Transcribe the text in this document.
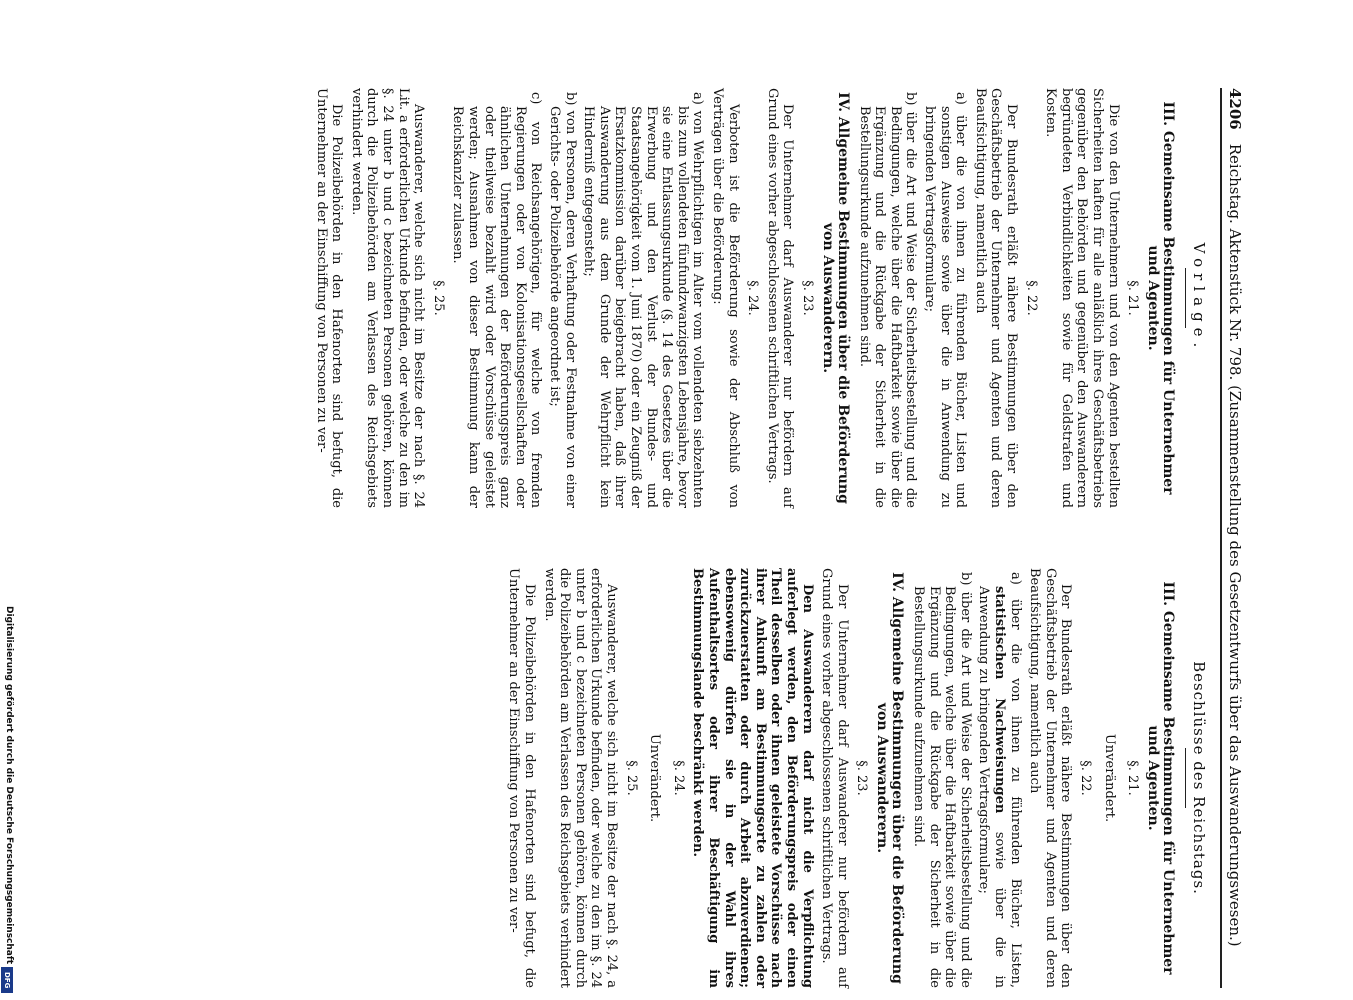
4206
Reichstag. Aktenstück Nr. 798. (Zusammenstellung des Gesetzentwurfs über das Auswanderungswesen.)
Vorlage.
III. Gemeinsame Bestimmungen für Unternehmer und Agenten.
§. 21.

Die von den Unternehmern und von den Agenten bestellten Sicherheiten haften für alle anläßlich ihres Geschäftsbetriebs gegenüber den Behörden und gegenüber den Auswanderern begründeten Verbindlichkeiten sowie für Geldstrafen und Kosten.

§. 22.

Der Bundesrath erläßt nähere Bestimmungen über den Geschäftsbetrieb der Unternehmer und Agenten und deren Beaufsichtigung, namentlich auch

a) über die von ihnen zu führenden Bücher, Listen und sonstigen Ausweise sowie über die in Anwendung zu bringenden Vertragsformulare;
b) über die Art und Weise der Sicherheitsbestellung und die Bedingungen, welche über die Haftbarkeit sowie über die Ergänzung und die Rückgabe der Sicherheit in die Bestellungsurkunde aufzunehmen sind.
IV. Allgemeine Bestimmungen über die Beförderung von Auswanderern.
§. 23.

Der Unternehmer darf Auswanderer nur befördern auf Grund eines vorher abgeschlossenen schriftlichen Vertrags.

§. 24.

Verboten ist die Beförderung sowie der Abschluß von Verträgen über die Beförderung:

a) von Wehrpflichtigen im Alter vom vollendeten siebzehnten bis zum vollendeten fünfundzwanzigsten Lebensjahre, bevor sie eine Entlassungsurkunde (§. 14 des Gesetzes über die Erwerbung und den Verlust der Bundes- und Staatsangehörigkeit vom 1. Juni 1870) oder ein Zeugniß der Ersatzkommission darüber beigebracht haben, daß ihrer Auswanderung aus dem Grunde der Wehrpflicht kein Hinderniß entgegensteht;
b) von Personen, deren Verhaftung oder Festnahme von einer Gerichts- oder Polizeibehörde angeordnet ist;
c) von Reichsangehörigen, für welche von fremden Regierungen oder von Kolonisationsgesellschaften oder ähnlichen Unternehmungen der Beförderungspreis ganz oder theilweise bezahlt wird oder Vorschüsse geleistet werden; Ausnahmen von dieser Bestimmung kann der Reichskanzler zulassen.
§. 25.

Auswanderer, welche sich nicht im Besitze der nach §. 24 Lit. a erforderlichen Urkunde befinden, oder welche zu den im §. 24 unter b und c bezeichneten Personen gehören, können durch die Polizeibehörden am Verlassen des Reichsgebiets verhindert werden.

Die Polizeibehörden in den Hafenorten sind befugt, die Unternehmer an der Einschiffung von Personen zu ver-

Beschlüsse des Reichstags.
III. Gemeinsame Bestimmungen für Unternehmer und Agenten.
§. 21.
Unverändert.
§. 22.

Der Bundesrath erläßt nähere Bestimmungen über den Geschäftsbetrieb der Unternehmer und Agenten und deren Beaufsichtigung, namentlich auch

a) über die von ihnen zu führenden Bücher, Listen, statistischen Nachweisungen sowie über die in Anwendung zu bringenden Vertragsformulare;
b) über die Art und Weise der Sicherheitsbestellung und die Bedingungen, welche über die Haftbarkeit sowie über die Ergänzung und die Rückgabe der Sicherheit in die Bestellungsurkunde aufzunehmen sind.
IV. Allgemeine Bestimmungen über die Beförderung von Auswanderern.
§. 23.

Der Unternehmer darf Auswanderer nur befördern auf Grund eines vorher abgeschlossenen schriftlichen Vertrags.

Den Auswanderern darf nicht die Verpflichtung auferlegt werden, den Beförderungspreis oder einen Theil desselben oder ihnen geleistete Vorschüsse nach ihrer Ankunft am Bestimmungsorte zu zahlen oder zurückzuerstatten oder durch Arbeit abzuverdienen; ebensowenig dürfen sie in der Wahl ihres Aufenthaltsortes oder ihrer Beschäftigung im Bestimmungslande beschränkt werden.

§. 24.
Unverändert.
§. 25.

Auswanderer, welche sich nicht im Besitze der nach §. 24, a erforderlichen Urkunde befinden, oder welche zu den im §. 24 unter b und c bezeichneten Personen gehören, können durch die Polizeibehörden am Verlassen des Reichsgebiets verhindert werden.

Die Polizeibehörden in den Hafenorten sind befugt, die Unternehmer an der Einschiffung von Personen zu ver-

Digitalisierung gefördert durch die Deutsche Forschungsgemeinschaft
DFG
